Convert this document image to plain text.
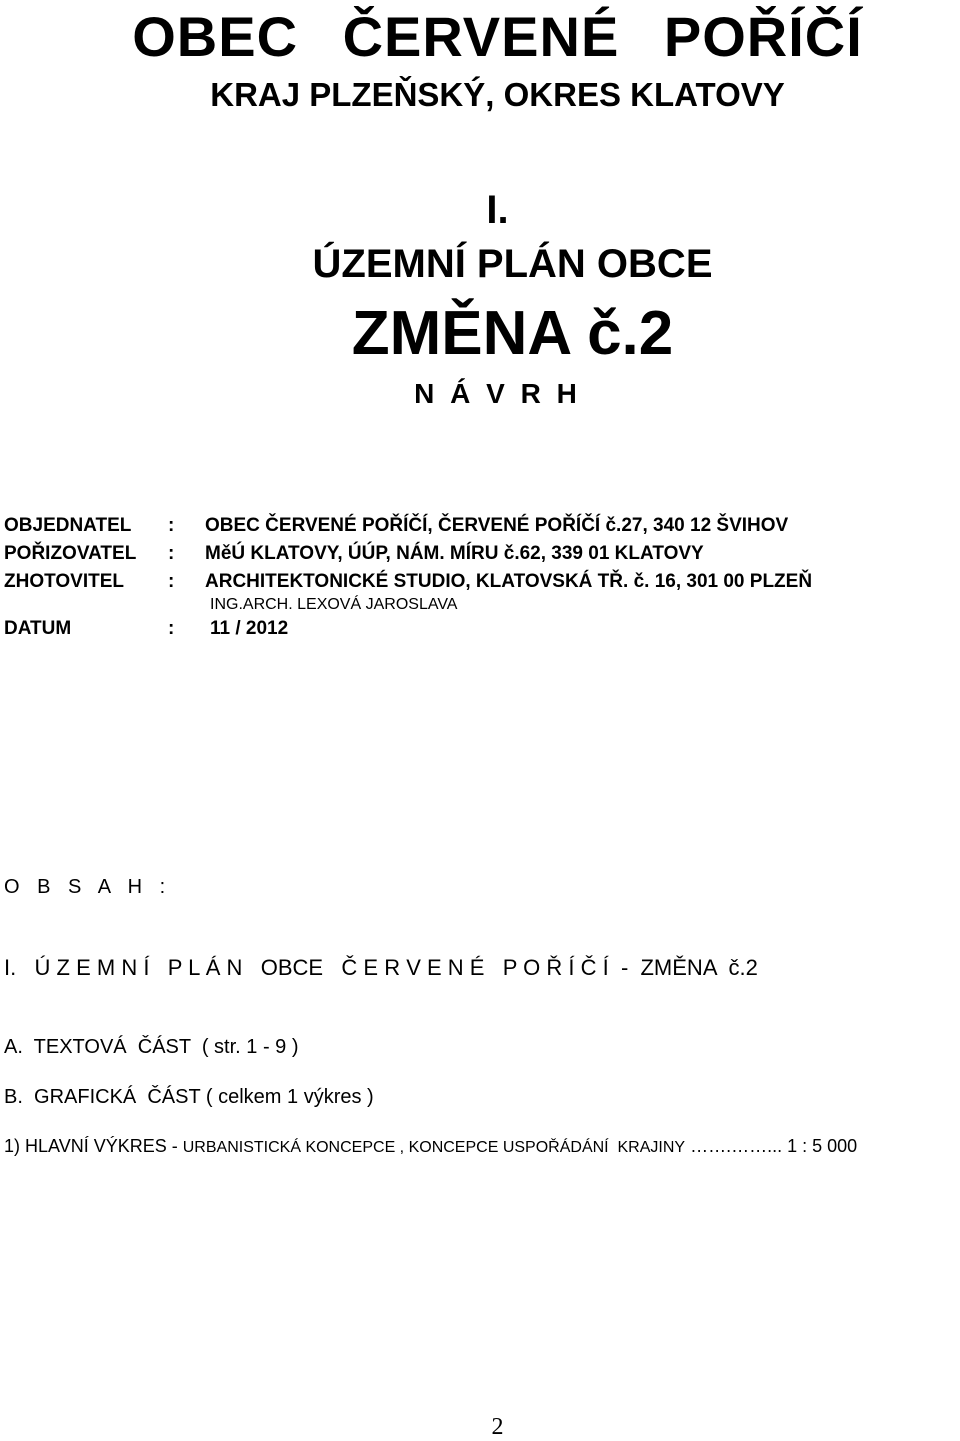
OBEC ČERVENÉ POŘÍČÍ
KRAJ PLZEŇSKÝ, OKRES KLATOVY
I.
ÚZEMNÍ PLÁN OBCE
ZMĚNA č.2
N Á V R H
OBJEDNATEL : OBEC ČERVENÉ POŘÍČÍ, ČERVENÉ POŘÍČÍ č.27, 340 12 ŠVIHOV
POŘIZOVATEL : MěÚ KLATOVY, ÚÚP, NÁM. MÍRU č.62, 339 01 KLATOVY
ZHOTOVITEL : ARCHITEKTONICKÉ STUDIO, KLATOVSKÁ TŘ. č. 16, 301 00 PLZEŇ
ING.ARCH. LEXOVÁ JAROSLAVA
DATUM	: 11 / 2012
O B S A H :
I.   Ú Z E M N Í   P L Á N   OBCE   Č E R V E N É   P O Ř Í Č Í  -  ZMĚNA  č.2
A.  TEXTOVÁ  ČÁST  ( str. 1 - 9 )
B.  GRAFICKÁ  ČÁST ( celkem 1 výkres )
1) HLAVNÍ VÝKRES - URBANISTICKÁ KONCEPCE , KONCEPCE USPOŘÁDÁNÍ  KRAJINY …….……... 1 : 5 000
2
